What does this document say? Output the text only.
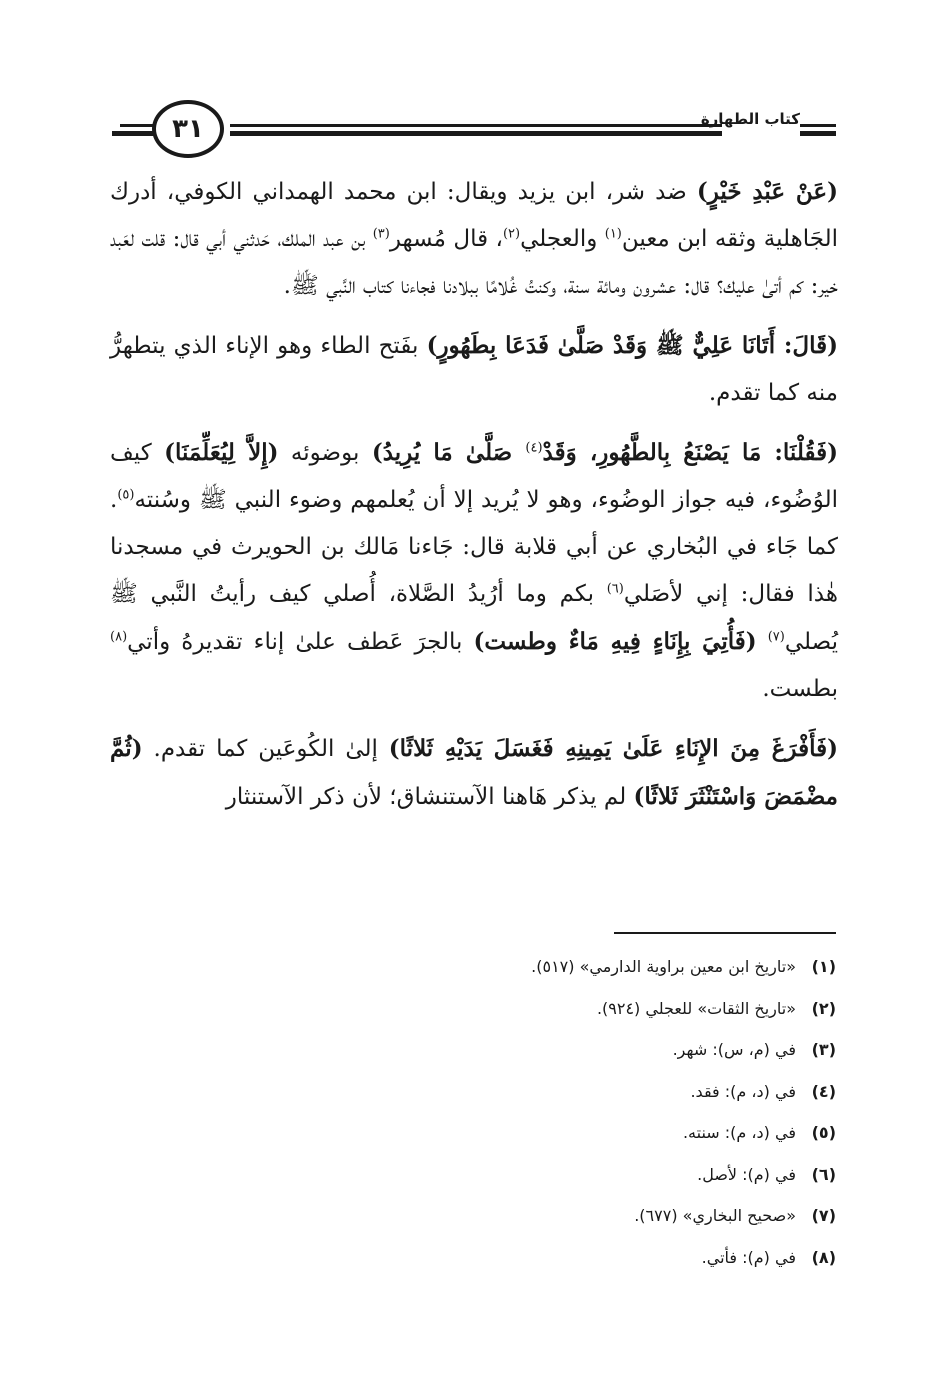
٣١	كتاب الطهارة

(عَنْ عَبْدِ خَيْرٍ) ضد شر، ابن يزيد ويقال: ابن محمد الهمداني الكوفي، أدرك الجَاهلية وثقه ابن معين$^{(١)}$ والعجلي$^{(٢)}$، قال مُسهر$^{(٣)}$ بن عبد الملك، حَدثني أبي قال: قلت لعَبد خير: كم أتىٰ عليك؟ قال: عشرون ومائة سنة، وكنتُ غُلامًا ببلادنا فجاءنا كتاب النَّبي ﷺ.

(قَالَ: أَتَانَا عَلِيٌّ ﷺ وَقَدْ صَلَّىٰ فَدَعَا بِطَهُورٍ) بفَتح الطاء وهو الإناء الذي يتطهرُّ منه كما تقدم.

(فَقُلْنَا: مَا يَصْنَعُ بِالطَّهُورِ، وَقَدْ$^{(٤)}$ صَلَّىٰ مَا يُرِيدُ) بوضوئه (إِلاَّ لِيُعَلِّمَنَا) كيف الوُضُوء، فيه جواز الوضُوء، وهو لا يُريد إلا أن يُعلمهم وضوء النبي ﷺ وسُنته$^{(٥)}$. كما جَاء في البُخاري عن أبي قلابة قال: جَاءنا مَالك بن الحويرث في مسجدنا هٰذا فقال: إني لأصَلي$^{(٦)}$ بكم وما أرُيدُ الصَّلاة، أُصلي كيف رأيتُ النَّبي ﷺ يُصلي$^{(٧)}$ (فَأُتِيَ بِإِنَاءٍ فِيهِ مَاءٌ وطست) بالجرَ عَطف علىٰ إناء تقديرهُ وأتي$^{(٨)}$ بطست.

(فَأَفْرَغَ مِنَ الإِنَاءِ عَلَىٰ يَمِينِهِ فَغَسَلَ يَدَيْهِ ثَلاثًا) إلىٰ الكُوعَين كما تقدم. (ثُمَّ مضْمَضَ وَاسْتَنْثَرَ ثَلاثًا) لم يذكر هَاهنا الآستنشاق؛ لأن ذكر الآستنثار

(١)«تاريخ ابن معين براوية الدارمي» (٥١٧).
(٢)«تاريخ الثقات» للعجلي (٩٢٤).
(٣)في (م، س): شهر.
(٤)في (د، م): فقد.
(٥)في (د، م): سنته.
(٦)في (م): لأصل.
(٧)«صحيح البخاري» (٦٧٧).
(٨)في (م): فأتي.
